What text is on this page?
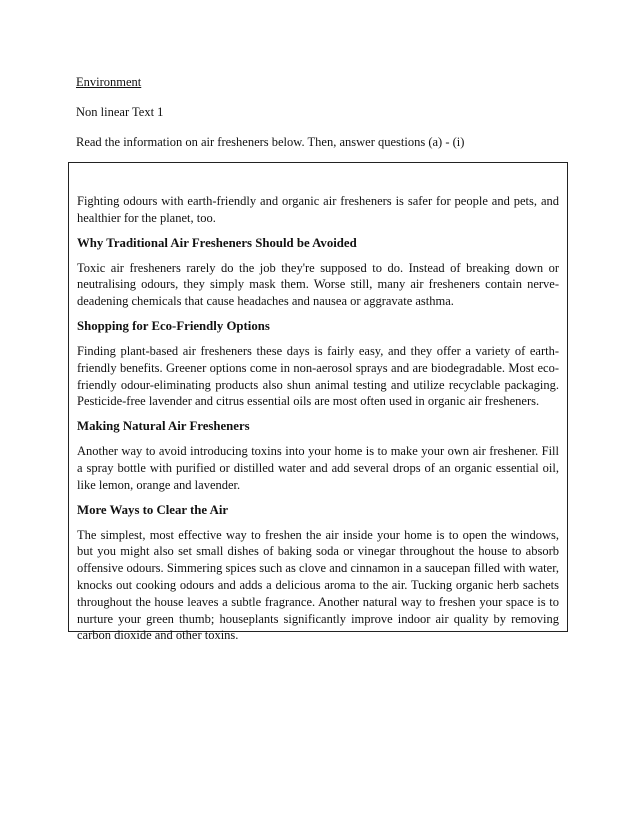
Environment
Non linear Text 1
Read the information on air fresheners below. Then, answer questions (a) - (i)

Fighting odours with earth-friendly and organic air fresheners is safer for people and pets, and healthier for the planet, too.

Why Traditional Air Fresheners Should be Avoided

Toxic air fresheners rarely do the job they're supposed to do. Instead of breaking down or neutralising odours, they simply mask them. Worse still, many air fresheners contain nerve-deadening chemicals that cause headaches and nausea or aggravate asthma.

Shopping for Eco-Friendly Options

Finding plant-based air fresheners these days is fairly easy, and they offer a variety of earth-friendly benefits. Greener options come in non-aerosol sprays and are biodegradable. Most eco-friendly odour-eliminating products also shun animal testing and utilize recyclable packaging. Pesticide-free lavender and citrus essential oils are most often used in organic air fresheners.

Making Natural Air Fresheners

Another way to avoid introducing toxins into your home is to make your own air freshener. Fill a spray bottle with purified or distilled water and add several drops of an organic essential oil, like lemon, orange and lavender.

More Ways to Clear the Air

The simplest, most effective way to freshen the air inside your home is to open the windows, but you might also set small dishes of baking soda or vinegar throughout the house to absorb offensive odours. Simmering spices such as clove and cinnamon in a saucepan filled with water, knocks out cooking odours and adds a delicious aroma to the air. Tucking organic herb sachets throughout the house leaves a subtle fragrance. Another natural way to freshen your space is to nurture your green thumb; houseplants significantly improve indoor air quality by removing carbon dioxide and other toxins.
